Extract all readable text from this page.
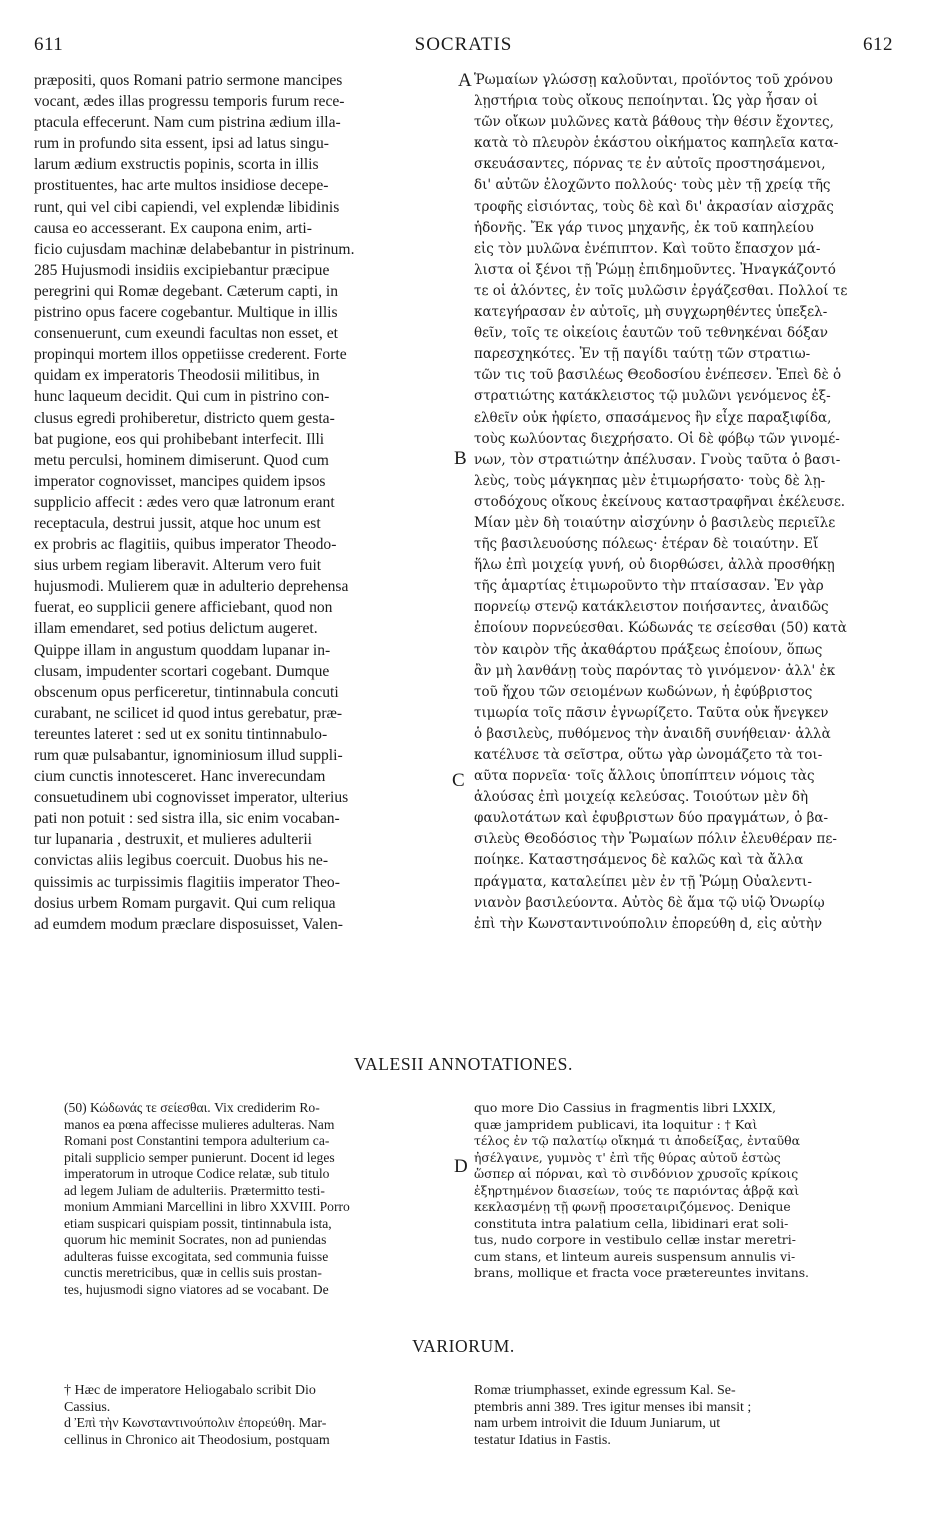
611	SOCRATIS	612
præpositi, quos Romani patrio sermone mancipes
vocant, ædes illas progressu temporis furum rece-
ptacula effecerunt. Nam cum pistrina ædium illa-
rum in profundo sita essent, ipsi ad latus singu-
larum ædium exstructis popinis, scorta in illis
prostituentes, hac arte multos insidiose decepe-
runt, qui vel cibi capiendi, vel explendæ libidinis
causa eo accesserant. Ex caupona enim, arti-
ficio cujusdam machinæ delabebantur in pistrinum.
285 Hujusmodi insidiis excipiebantur præcipue
peregrini qui Romæ degebant. Cæterum capti, in
pistrino opus facere cogebantur. Multique in illis
consenuerunt, cum exeundi facultas non esset, et
propinqui mortem illos oppetiisse crederent. Forte
quidam ex imperatoris Theodosii militibus, in
hunc laqueum decidit. Qui cum in pistrino con-
clusus egredi prohiberetur, districto quem gesta-
bat pugione, eos qui prohibebant interfecit. Illi
metu perculsi, hominem dimiserunt. Quod cum
imperator cognovisset, mancipes quidem ipsos
supplicio affecit : ædes vero quæ latronum erant
receptacula, destrui jussit, atque hoc unum est
ex probris ac flagitiis, quibus imperator Theodo-
sius urbem regiam liberavit. Alterum vero fuit
hujusmodi. Mulierem quæ in adulterio deprehensa
fuerat, eo supplicii genere afficiebant, quod non
illam emendaret, sed potius delictum augeret.
Quippe illam in angustum quoddam lupanar in-
clusam, impudenter scortari cogebant. Dumque
obscenum opus perficeretur, tintinnabula concuti
curabant, ne scilicet id quod intus gerebatur, præ-
tereuntes lateret : sed ut ex sonitu tintinnabulo-
rum quæ pulsabantur, ignominiosum illud suppli-
cium cunctis innotesceret. Hanc inverecundam
consuetudinem ubi cognovisset imperator, ulterius
pati non potuit : sed sistra illa, sic enim vocaban-
tur lupanaria , destruxit, et mulieres adulterii
convictas aliis legibus coercuit. Duobus his ne-
quissimis ac turpissimis flagitiis imperator Theo-
dosius urbem Romam purgavit. Qui cum reliqua
ad eumdem modum præclare disposuisset, Valen-
Ῥωμαίων γλώσσῃ καλοῦνται, προϊόντος τοῦ χρόνου
λῃστήρια τοὺς οἴκους πεποίηνται. Ὡς γὰρ ἦσαν οἱ
τῶν οἴκων μυλῶνες κατὰ βάθους τὴν θέσιν ἔχοντες,
κατὰ τὸ πλευρὸν ἑκάστου οἰκήματος καπηλεῖα κατα-
σκευάσαντες, πόρνας τε ἐν αὐτοῖς προστησάμενοι,
δι' αὐτῶν ἐλοχῶντο πολλούς· τοὺς μὲν τῇ χρείᾳ τῆς
τροφῆς εἰσιόντας, τοὺς δὲ καὶ δι' ἀκρασίαν αἰσχρᾶς
ἡδονῆς. Ἔκ γάρ τινος μηχανῆς, ἐκ τοῦ καπηλείου
εἰς τὸν μυλῶνα ἐνέπιπτον. Καὶ τοῦτο ἔπασχον μά-
λιστα οἱ ξένοι τῇ Ῥώμῃ ἐπιδημοῦντες. Ἠναγκάζοντό
τε οἱ ἁλόντες, ἐν τοῖς μυλῶσιν ἐργάζεσθαι. Πολλοί τε
κατεγήρασαν ἐν αὐτοῖς, μὴ συγχωρηθέντες ὑπεξελ-
θεῖν, τοῖς τε οἰκείοις ἑαυτῶν τοῦ τεθνηκέναι δόξαν
παρεσχηκότες. Ἐν τῇ παγίδι ταύτῃ τῶν στρατιω-
τῶν τις τοῦ βασιλέως Θεοδοσίου ἐνέπεσεν. Ἐπεὶ δὲ ὁ
στρατιώτης κατάκλειστος τῷ μυλῶνι γενόμενος ἐξ-
ελθεῖν οὐκ ἠφίετο, σπασάμενος ἣν εἶχε παραξιφίδα,
τοὺς κωλύοντας διεχρήσατο. Οἱ δὲ φόβῳ τῶν γινομέ-
νων, τὸν στρατιώτην ἀπέλυσαν. Γνοὺς ταῦτα ὁ βασι-
λεὺς, τοὺς μάγκηπας μὲν ἐτιμωρήσατο· τοὺς δὲ λῃ-
στοδόχους οἴκους ἐκείνους καταστραφῆναι ἐκέλευσε.
Μίαν μὲν δὴ τοιαύτην αἰσχύνην ὁ βασιλεὺς περιεῖλε
τῆς βασιλευούσης πόλεως· ἑτέραν δὲ τοιαύτην. Εἴ
ἥλω ἐπὶ μοιχείᾳ γυνή, οὐ διορθώσει, ἀλλὰ προσθήκῃ
τῆς ἁμαρτίας ἐτιμωροῦντο τὴν πταίσασαν. Ἐν γὰρ
πορνείῳ στενῷ κατάκλειστον ποιήσαντες, ἀναιδῶς
ἐποίουν πορνεύεσθαι. Κώδωνάς τε σείεσθαι (50) κατὰ
τὸν καιρὸν τῆς ἀκαθάρτου πράξεως ἐποίουν, ὅπως
ἂν μὴ λανθάνῃ τοὺς παρόντας τὸ γινόμενον· ἀλλ' ἐκ
τοῦ ἤχου τῶν σειομένων κωδώνων, ἡ ἐφύβριστος
τιμωρία τοῖς πᾶσιν ἐγνωρίζετο. Ταῦτα οὐκ ἤνεγκεν
ὁ βασιλεὺς, πυθόμενος τὴν ἀναιδῆ συνήθειαν· ἀλλὰ
κατέλυσε τὰ σεῖστρα, οὕτω γὰρ ὠνομάζετο τὰ τοι-
αῦτα πορνεῖα· τοῖς ἄλλοις ὑποπίπτειν νόμοις τὰς
ἁλούσας ἐπὶ μοιχείᾳ κελεύσας. Τοιούτων μὲν δὴ
φαυλοτάτων καὶ ἐφυβριστων δύο πραγμάτων, ὁ βα-
σιλεὺς Θεοδόσιος τὴν Ῥωμαίων πόλιν ἐλευθέραν πε-
ποίηκε. Καταστησάμενος δὲ καλῶς καὶ τὰ ἄλλα
πράγματα, καταλείπει μὲν ἐν τῇ Ῥώμῃ Οὐαλεντι-
νιανὸν βασιλεύοντα. Αὐτὸς δὲ ἅμα τῷ υἱῷ Ὀνωρίῳ
ἐπὶ τὴν Κωνσταντινούπολιν ἐπορεύθη d, εἰς αὐτὴν
A
B
C
D
VALESII ANNOTATIONES.
(50) Κώδωνάς τε σείεσθαι. Vix crediderim Ro-
manos ea pœna affecisse mulieres adulteras. Nam
Romani post Constantini tempora adulterium ca-
pitali supplicio semper punierunt. Docent id leges
imperatorum in utroque Codice relatæ, sub titulo
ad legem Juliam de adulteriis. Prætermitto testi-
monium Ammiani Marcellini in libro XXVIII. Porro
etiam suspicari quispiam possit, tintinnabula ista,
quorum hic meminit Socrates, non ad puniendas
adulteras fuisse excogitata, sed communia fuisse
cunctis meretricibus, quæ in cellis suis prostan-
tes, hujusmodi signo viatores ad se vocabant. De
quo more Dio Cassius in fragmentis libri LXXIX,
quæ jampridem publicavi, ita loquitur : † Καὶ
τέλος ἐν τῷ παλατίῳ οἴκημά τι ἀποδείξας, ἐνταῦθα
ἠσέλγαινε, γυμνὸς τ' ἐπὶ τῆς θύρας αὐτοῦ ἑστὼς
ὥσπερ αἱ πόρναι, καὶ τὸ σινδόνιον χρυσοῖς κρίκοις
ἐξηρτημένον διασείων, τούς τε παριόντας ἁβρᾷ καὶ
κεκλασμένῃ τῇ φωνῇ προσεταιριζόμενος. Denique
constituta intra palatium cella, libidinari erat soli-
tus, nudo corpore in vestibulo cellæ instar meretri-
cum stans, et linteum aureis suspensum annulis vi-
brans, mollique et fracta voce prætereuntes invitans.
VARIORUM.
† Hæc de imperatore Heliogabalo scribit Dio
Cassius.
d Ἐπὶ τὴν Κωνσταντινούπολιν ἐπορεύθη. Mar-
cellinus in Chronico ait Theodosium, postquam
Romæ triumphasset, exinde egressum Kal. Se-
ptembris anni 389. Tres igitur menses ibi mansit ;
nam urbem introivit die Iduum Juniarum, ut
testatur Idatius in Fastis.
